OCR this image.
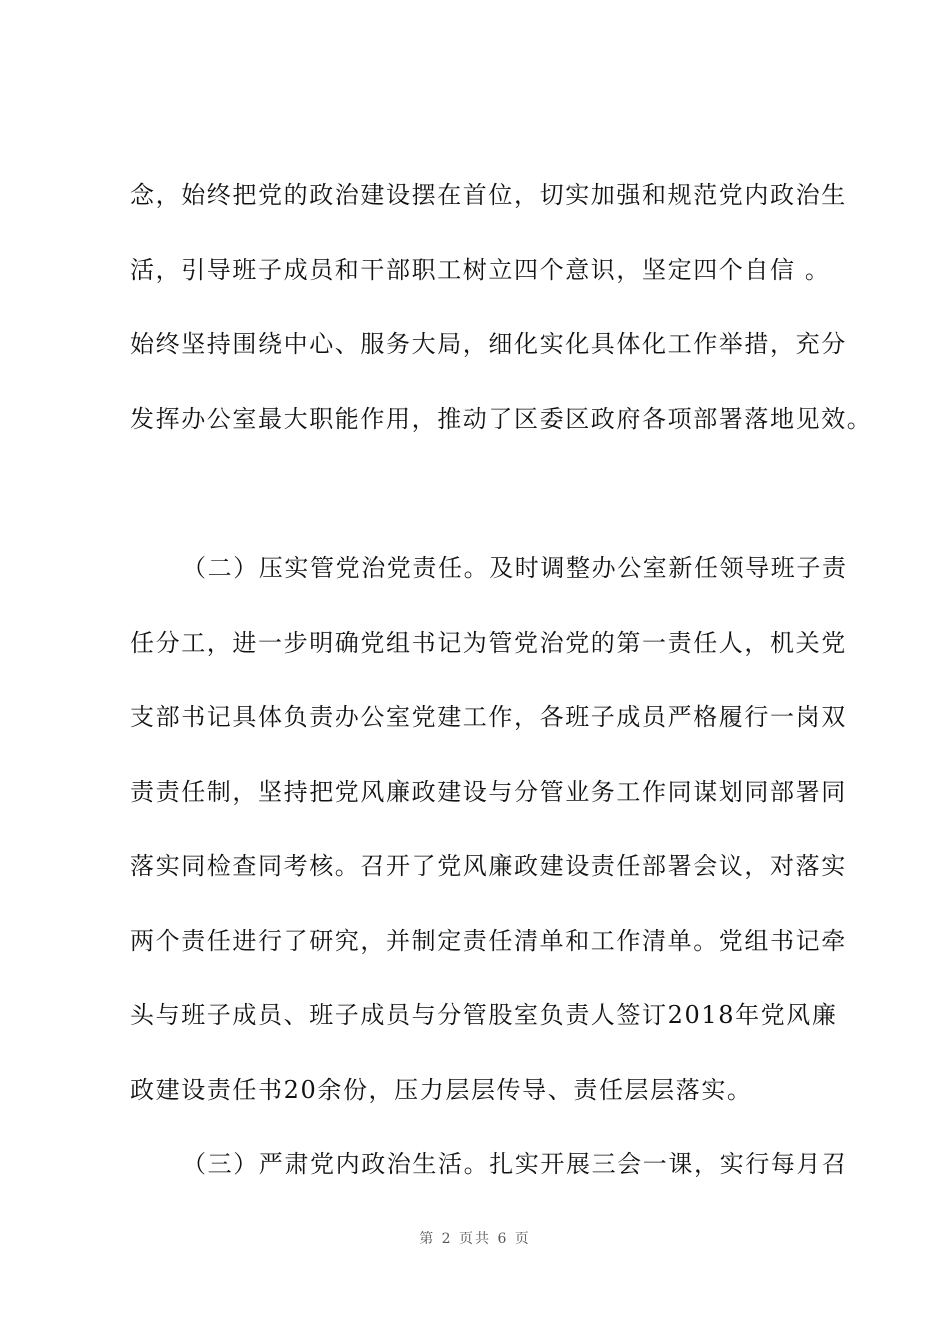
念，始终把党的政治建设摆在首位，切实加强和规范党内政治生
活，引导班子成员和干部职工树立四个意识，坚定四个自信 。
始终坚持围绕中心、服务大局，细化实化具体化工作举措，充分
发挥办公室最大职能作用，推动了区委区政府各项部署落地见效。
（二）压实管党治党责任。及时调整办公室新任领导班子责
任分工，进一步明确党组书记为管党治党的第一责任人，机关党
支部书记具体负责办公室党建工作，各班子成员严格履行一岗双
责责任制，坚持把党风廉政建设与分管业务工作同谋划同部署同
落实同检查同考核。召开了党风廉政建设责任部署会议，对落实
两个责任进行了研究，并制定责任清单和工作清单。党组书记牵
头与班子成员、班子成员与分管股室负责人签订2018年党风廉
政建设责任书20余份，压力层层传导、责任层层落实。
（三）严肃党内政治生活。扎实开展三会一课，实行每月召
第 2 页共 6 页
